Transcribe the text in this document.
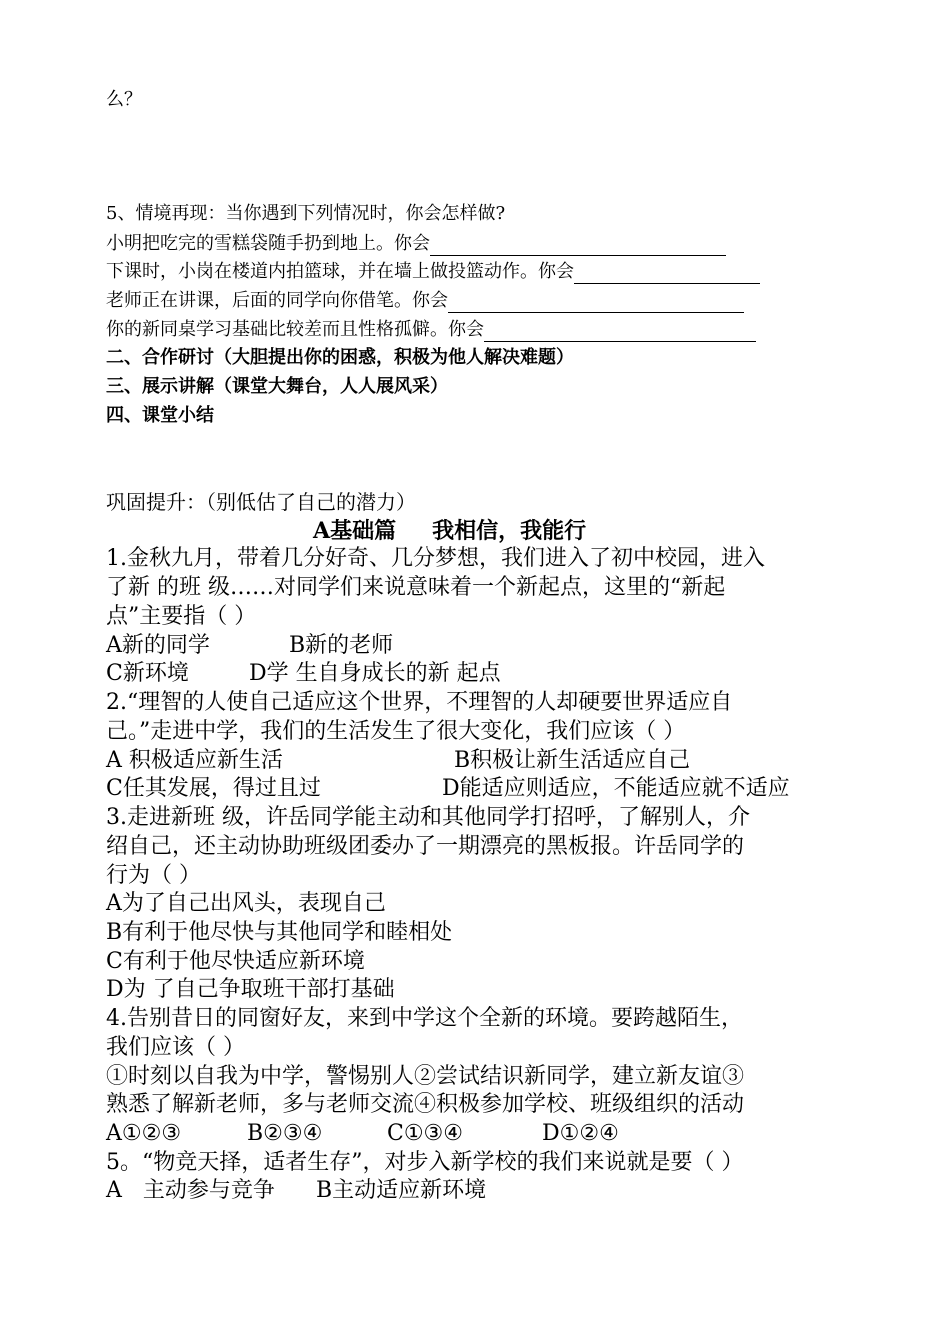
么？
5、情境再现：当你遇到下列情况时，你会怎样做?
小明把吃完的雪糕袋随手扔到地上。你会
下课时，小岗在楼道内拍篮球，并在墙上做投篮动作。你会
老师正在讲课，后面的同学向你借笔。你会
你的新同桌学习基础比较差而且性格孤僻。你会
二、合作研讨（大胆提出你的困惑，积极为他人解决难题）
三、展示讲解（课堂大舞台，人人展风采）
四、课堂小结
巩固提升：（别低估了自己的潜力）
A基础篇 我相信，我能行
1.金秋九月，带着几分好奇、几分梦想，我们进入了初中校园，进入
了新 的班 级……对同学们来说意味着一个新起点，这里的“新起
点”主要指（ ）
A新的同学	B新的老师
C新环境	D学 生自身成长的新 起点
2.“理智的人使自己适应这个世界，不理智的人却硬要世界适应自
己。”走进中学，我们的生活发生了很大变化，我们应该（ ）
A 积极适应新生活	B积极让新生活适应自己
C任其发展，得过且过	D能适应则适应，不能适应就不适应
3.走进新班 级，许岳同学能主动和其他同学打招呼，了解别人，介
绍自己，还主动协助班级团委办了一期漂亮的黑板报。许岳同学的
行为（ ）
A为了自己出风头，表现自己
B有利于他尽快与其他同学和睦相处
C有利于他尽快适应新环境
D为 了自己争取班干部打基础
4.告别昔日的同窗好友，来到中学这个全新的环境。要跨越陌生，
我们应该（ ）
①时刻以自我为中学，警惕别人②尝试结识新同学，建立新友谊③
熟悉了解新老师，多与老师交流④积极参加学校、班级组织的活动
A①②③	B②③④	C①③④	D①②④
5。“物竞天择，适者生存”，对步入新学校的我们来说就是要（ ）
A   主动参与竞争 B主动适应新环境
